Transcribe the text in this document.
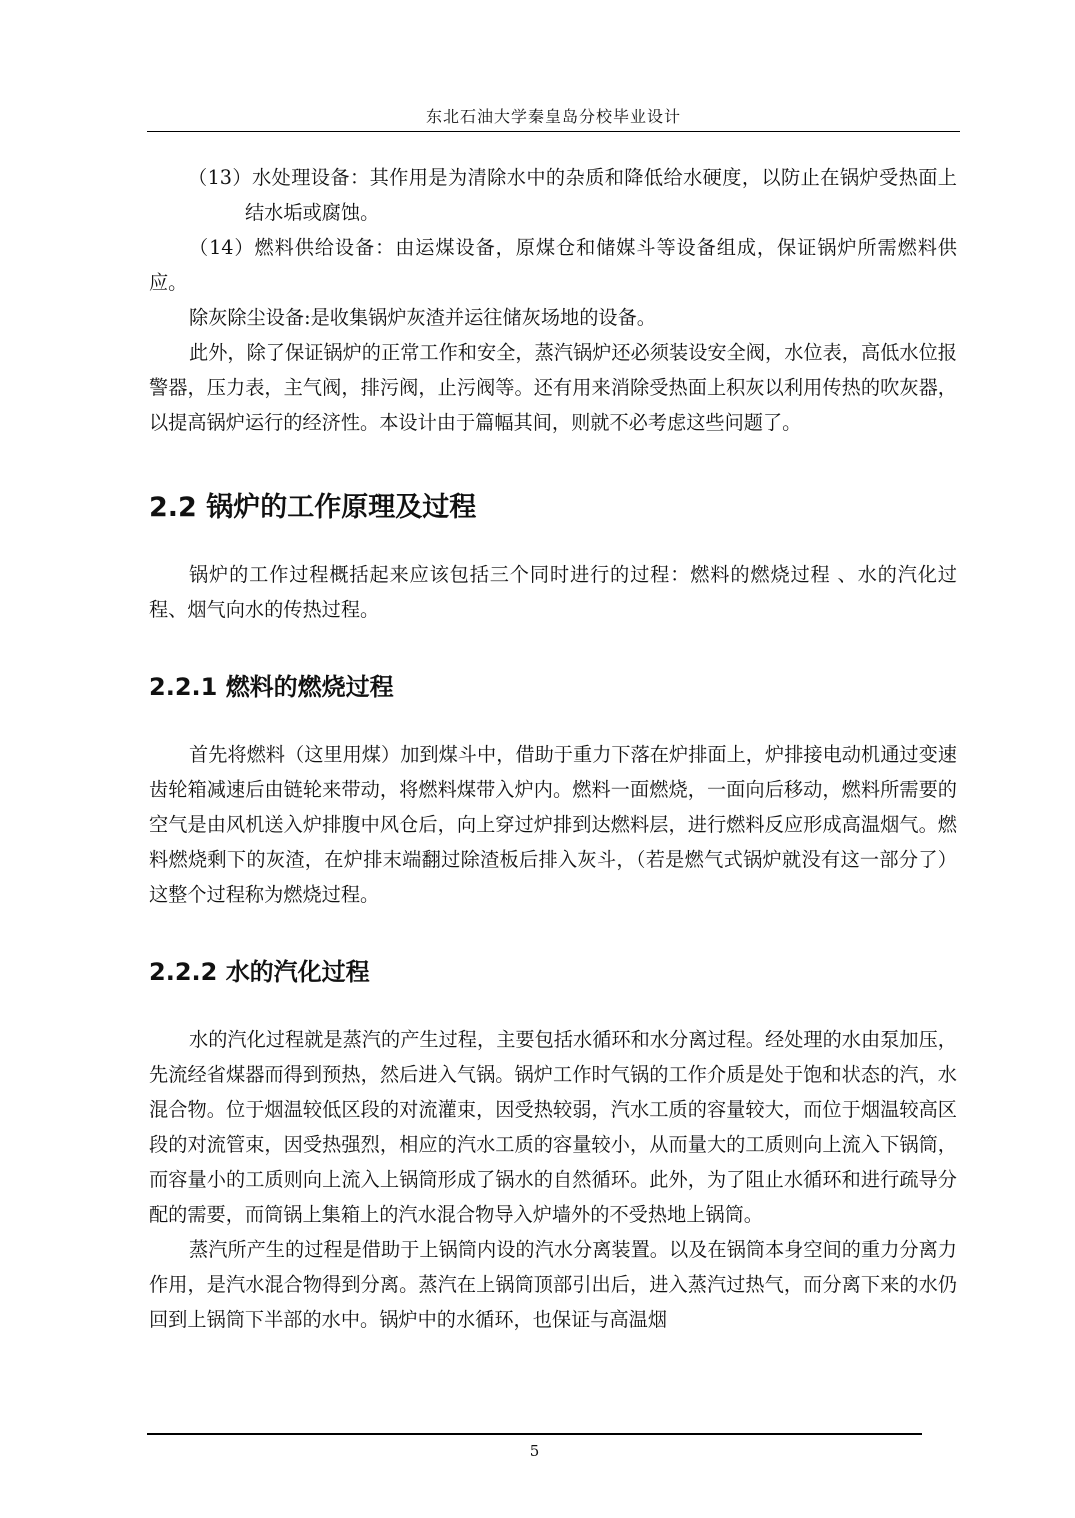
东北石油大学秦皇岛分校毕业设计

（13）水处理设备：其作用是为清除水中的杂质和降低给水硬度，以防止在锅炉受热面上结水垢或腐蚀。

（14）燃料供给设备：由运煤设备，原煤仓和储媒斗等设备组成，保证锅炉所需燃料供应。

除灰除尘设备:是收集锅炉灰渣并运往储灰场地的设备。

此外，除了保证锅炉的正常工作和安全，蒸汽锅炉还必须装设安全阀，水位表，高低水位报警器，压力表，主气阀，排污阀，止污阀等。还有用来消除受热面上积灰以利用传热的吹灰器，以提高锅炉运行的经济性。本设计由于篇幅其间，则就不必考虑这些问题了。

2.2 锅炉的工作原理及过程

锅炉的工作过程概括起来应该包括三个同时进行的过程：燃料的燃烧过程 、水的汽化过程、烟气向水的传热过程。

2.2.1 燃料的燃烧过程

首先将燃料（这里用煤）加到煤斗中，借助于重力下落在炉排面上，炉排接电动机通过变速齿轮箱减速后由链轮来带动，将燃料煤带入炉内。燃料一面燃烧，一面向后移动，燃料所需要的空气是由风机送入炉排腹中风仓后，向上穿过炉排到达燃料层，进行燃料反应形成高温烟气。燃料燃烧剩下的灰渣，在炉排末端翻过除渣板后排入灰斗，（若是燃气式锅炉就没有这一部分了）这整个过程称为燃烧过程。

2.2.2 水的汽化过程

水的汽化过程就是蒸汽的产生过程，主要包括水循环和水分离过程。经处理的水由泵加压，先流经省煤器而得到预热，然后进入气锅。锅炉工作时气锅的工作介质是处于饱和状态的汽，水混合物。位于烟温较低区段的对流灌束，因受热较弱，汽水工质的容量较大，而位于烟温较高区段的对流管束，因受热强烈，相应的汽水工质的容量较小，从而量大的工质则向上流入下锅筒，而容量小的工质则向上流入上锅筒形成了锅水的自然循环。此外，为了阻止水循环和进行疏导分配的需要，而筒锅上集箱上的汽水混合物导入炉墙外的不受热地上锅筒。

蒸汽所产生的过程是借助于上锅筒内设的汽水分离装置。以及在锅筒本身空间的重力分离力作用，是汽水混合物得到分离。蒸汽在上锅筒顶部引出后，进入蒸汽过热气，而分离下来的水仍回到上锅筒下半部的水中。锅炉中的水循环，也保证与高温烟

5
